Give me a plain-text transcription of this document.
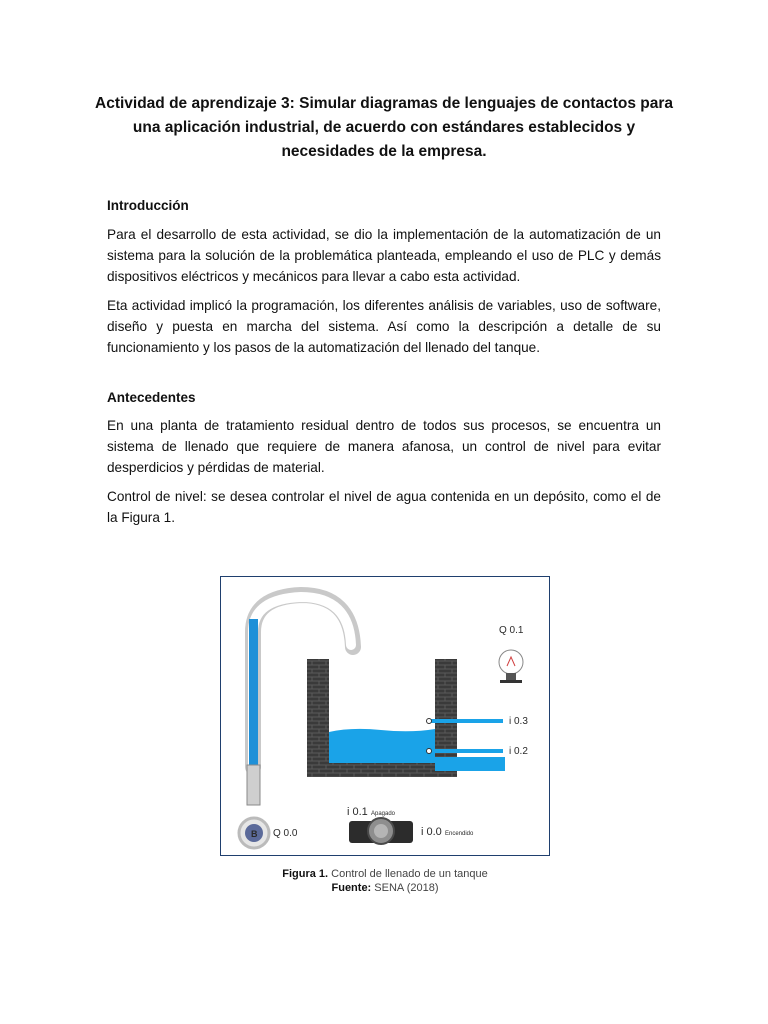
Actividad de aprendizaje 3: Simular diagramas de lenguajes de contactos para una aplicación industrial, de acuerdo con estándares establecidos y necesidades de la empresa.
Introducción

Para el desarrollo de esta actividad, se dio la implementación de la automatización de un sistema para la solución de la problemática planteada, empleando el uso de PLC y demás dispositivos eléctricos y mecánicos para llevar a cabo esta actividad.

Eta actividad implicó la programación, los diferentes análisis de variables, uso de software, diseño y puesta en marcha del sistema. Así como la descripción a detalle de su funcionamiento y los pasos de la automatización del llenado del tanque.

Antecedentes

En una planta de tratamiento residual dentro de todos sus procesos, se encuentra un sistema de llenado que requiere de manera afanosa, un control de nivel para evitar desperdicios y pérdidas de material.

Control de nivel: se desea controlar el nivel de agua contenida en un depósito, como el de la Figura 1.

B Q 0.0
i 0.3
i 0.2
Q 0.1
i 0.1 Apagado
i 0.0 Encendido
Figura 1. Control de llenado de un tanque
Fuente: SENA (2018)
